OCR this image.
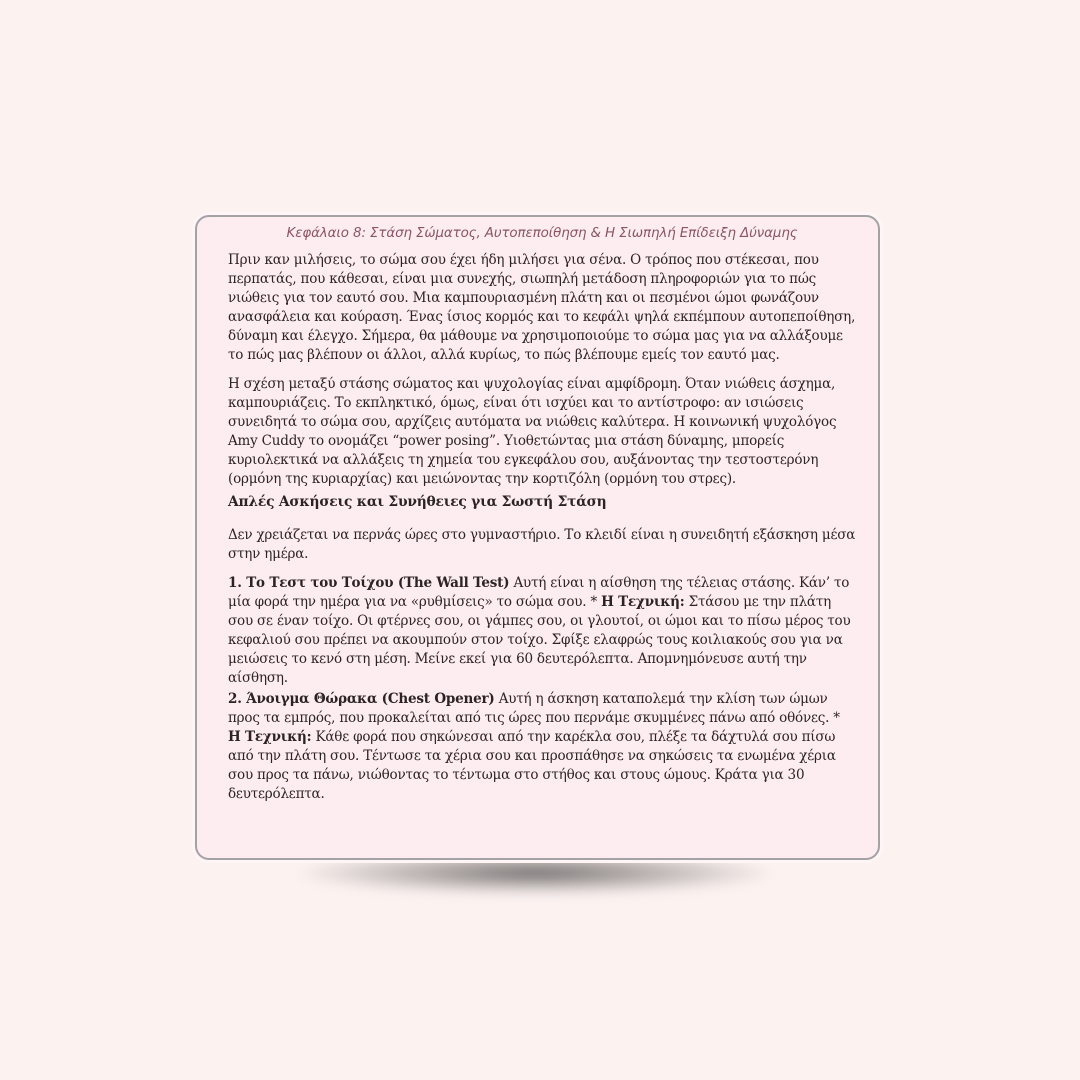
Κεφάλαιο 8: Στάση Σώματος, Αυτοπεποίθηση & Η Σιωπηλή Επίδειξη Δύναμης

Πριν καν μιλήσεις, το σώμα σου έχει ήδη μιλήσει για σένα. Ο τρόπος που στέκεσαι, που περπατάς, που κάθεσαι, είναι μια συνεχής, σιωπηλή μετάδοση πληροφοριών για το πώς νιώθεις για τον εαυτό σου. Μια καμπουριασμένη πλάτη και οι πεσμένοι ώμοι φωνάζουν ανασφάλεια και κούραση. Ένας ίσιος κορμός και το κεφάλι ψηλά εκπέμπουν αυτοπεποίθηση, δύναμη και έλεγχο. Σήμερα, θα μάθουμε να χρησιμοποιούμε το σώμα μας για να αλλάξουμε το πώς μας βλέπουν οι άλλοι, αλλά κυρίως, το πώς βλέπουμε εμείς τον εαυτό μας.

Η σχέση μεταξύ στάσης σώματος και ψυχολογίας είναι αμφίδρομη. Όταν νιώθεις άσχημα, καμπουριάζεις. Το εκπληκτικό, όμως, είναι ότι ισχύει και το αντίστροφο: αν ισιώσεις συνειδητά το σώμα σου, αρχίζεις αυτόματα να νιώθεις καλύτερα. Η κοινωνική ψυχολόγος Amy Cuddy το ονομάζει “power posing”. Υιοθετώντας μια στάση δύναμης, μπορείς κυριολεκτικά να αλλάξεις τη χημεία του εγκεφάλου σου, αυξάνοντας την τεστοστερόνη (ορμόνη της κυριαρχίας) και μειώνοντας την κορτιζόλη (ορμόνη του στρες).

Απλές Ασκήσεις και Συνήθειες για Σωστή Στάση

Δεν χρειάζεται να περνάς ώρες στο γυμναστήριο. Το κλειδί είναι η συνειδητή εξάσκηση μέσα στην ημέρα.

1. Το Τεστ του Τοίχου (The Wall Test) Αυτή είναι η αίσθηση της τέλειας στάσης. Κάν’ το μία φορά την ημέρα για να «ρυθμίσεις» το σώμα σου. * Η Τεχνική: Στάσου με την πλάτη σου σε έναν τοίχο. Οι φτέρνες σου, οι γάμπες σου, οι γλουτοί, οι ώμοι και το πίσω μέρος του κεφαλιού σου πρέπει να ακουμπούν στον τοίχο. Σφίξε ελαφρώς τους κοιλιακούς σου για να μειώσεις το κενό στη μέση. Μείνε εκεί για 60 δευτερόλεπτα. Απομνημόνευσε αυτή την αίσθηση.

2. Άνοιγμα Θώρακα (Chest Opener) Αυτή η άσκηση καταπολεμά την κλίση των ώμων προς τα εμπρός, που προκαλείται από τις ώρες που περνάμε σκυμμένες πάνω από οθόνες. * Η Τεχνική: Κάθε φορά που σηκώνεσαι από την καρέκλα σου, πλέξε τα δάχτυλά σου πίσω από την πλάτη σου. Τέντωσε τα χέρια σου και προσπάθησε να σηκώσεις τα ενωμένα χέρια σου προς τα πάνω, νιώθοντας το τέντωμα στο στήθος και στους ώμους. Κράτα για 30 δευτερόλεπτα.
